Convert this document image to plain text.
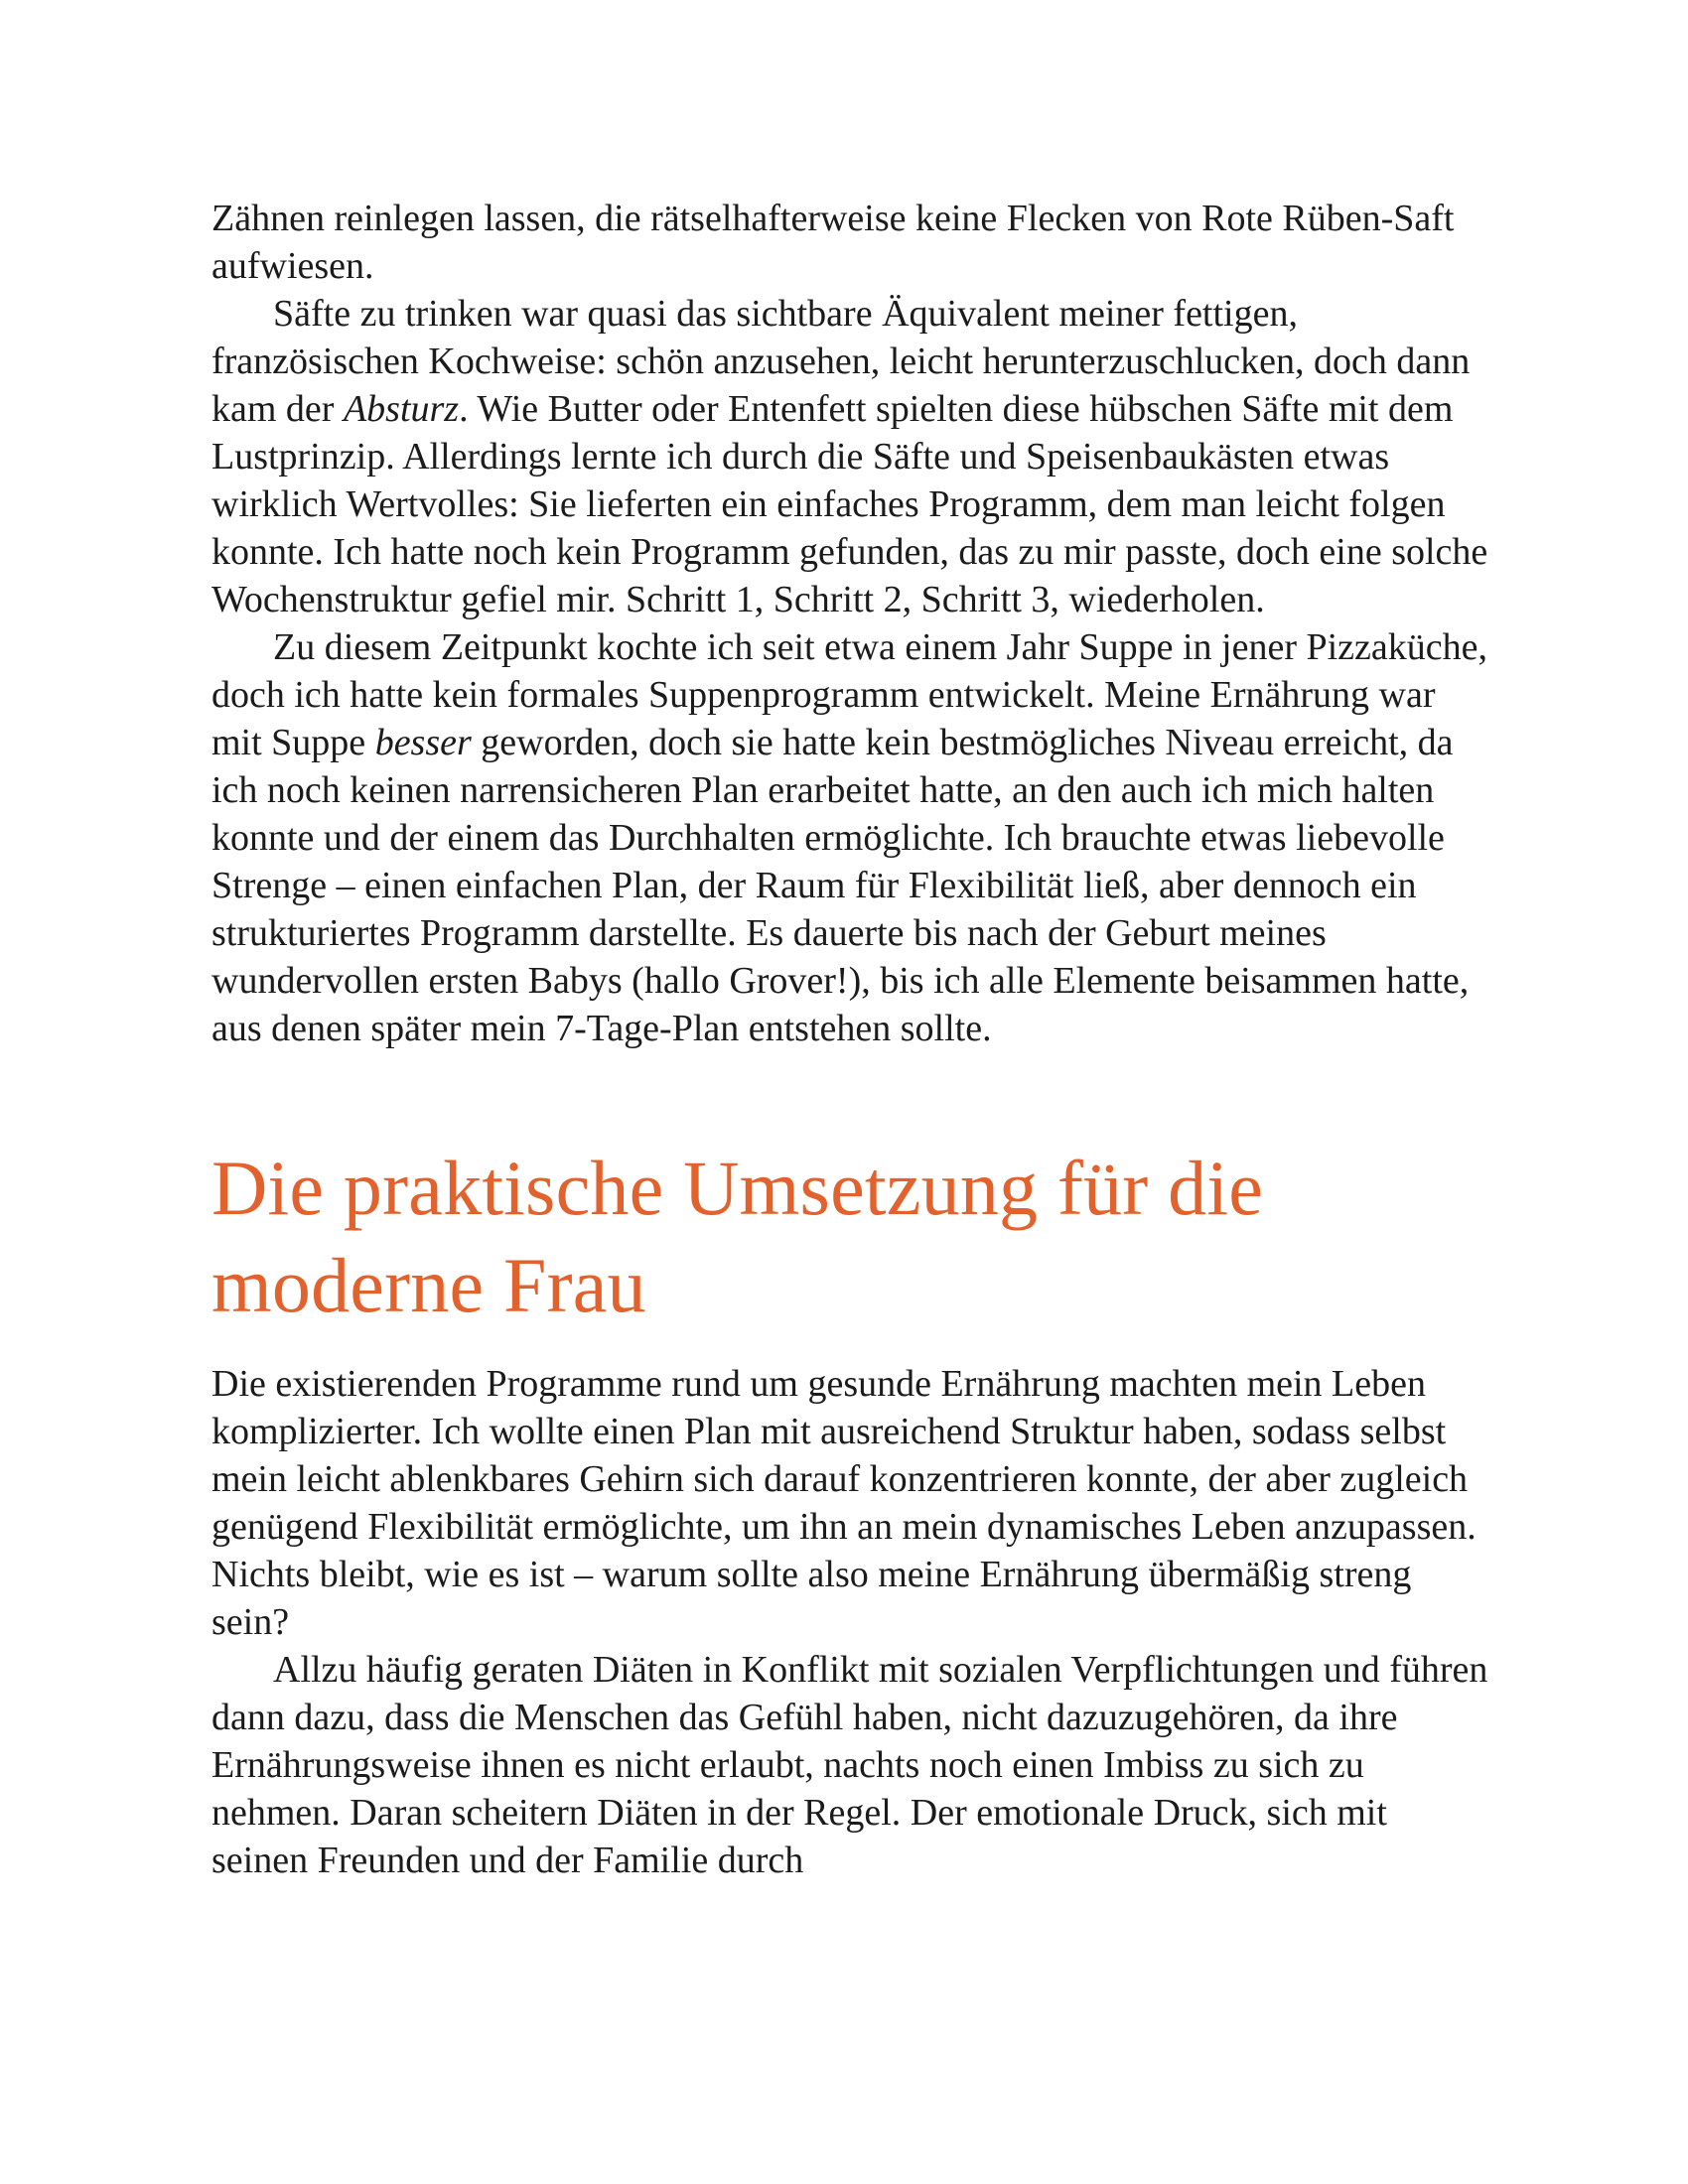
Zähnen reinlegen lassen, die rätselhafterweise keine Flecken von Rote Rüben-Saft aufwiesen.

Säfte zu trinken war quasi das sichtbare Äquivalent meiner fettigen, französischen Kochweise: schön anzusehen, leicht herunterzuschlucken, doch dann kam der Absturz. Wie Butter oder Entenfett spielten diese hübschen Säfte mit dem Lustprinzip. Allerdings lernte ich durch die Säfte und Speisenbaukästen etwas wirklich Wertvolles: Sie lieferten ein einfaches Programm, dem man leicht folgen konnte. Ich hatte noch kein Programm gefunden, das zu mir passte, doch eine solche Wochenstruktur gefiel mir. Schritt 1, Schritt 2, Schritt 3, wiederholen.

Zu diesem Zeitpunkt kochte ich seit etwa einem Jahr Suppe in jener Pizzaküche, doch ich hatte kein formales Suppenprogramm entwickelt. Meine Ernährung war mit Suppe besser geworden, doch sie hatte kein bestmögliches Niveau erreicht, da ich noch keinen narrensicheren Plan erarbeitet hatte, an den auch ich mich halten konnte und der einem das Durchhalten ermöglichte. Ich brauchte etwas liebevolle Strenge – einen einfachen Plan, der Raum für Flexibilität ließ, aber dennoch ein strukturiertes Programm darstellte. Es dauerte bis nach der Geburt meines wundervollen ersten Babys (hallo Grover!), bis ich alle Elemente beisammen hatte, aus denen später mein 7-Tage-Plan entstehen sollte.

Die praktische Umsetzung für die moderne Frau

Die existierenden Programme rund um gesunde Ernährung machten mein Leben komplizierter. Ich wollte einen Plan mit ausreichend Struktur haben, sodass selbst mein leicht ablenkbares Gehirn sich darauf konzentrieren konnte, der aber zugleich genügend Flexibilität ermöglichte, um ihn an mein dynamisches Leben anzupassen. Nichts bleibt, wie es ist – warum sollte also meine Ernährung übermäßig streng sein?

Allzu häufig geraten Diäten in Konflikt mit sozialen Verpflichtungen und führen dann dazu, dass die Menschen das Gefühl haben, nicht dazuzugehören, da ihre Ernährungsweise ihnen es nicht erlaubt, nachts noch einen Imbiss zu sich zu nehmen. Daran scheitern Diäten in der Regel. Der emotionale Druck, sich mit seinen Freunden und der Familie durch
